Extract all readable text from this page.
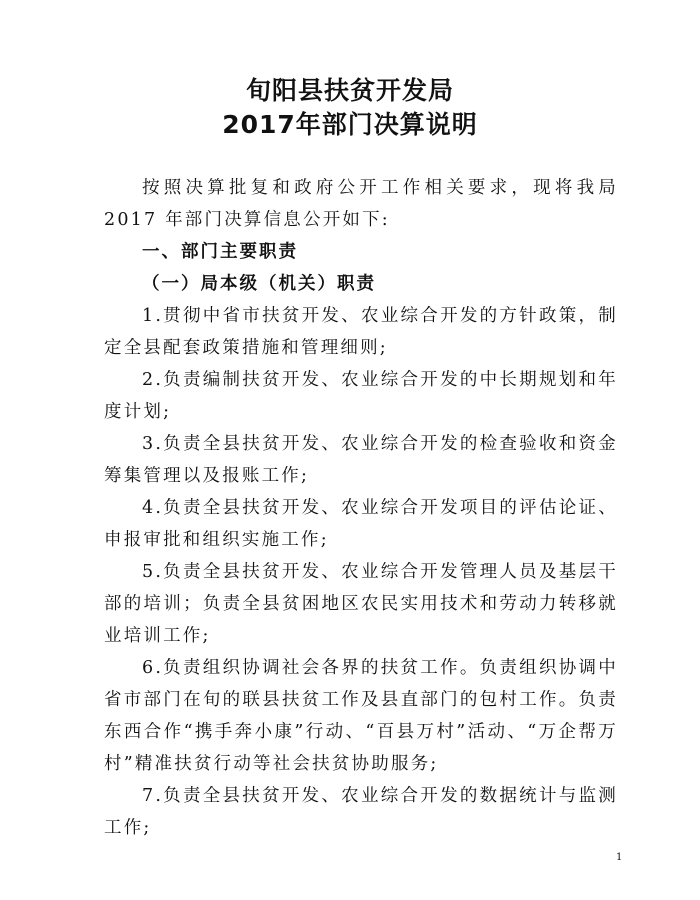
旬阳县扶贫开发局
2017年部门决算说明

按照决算批复和政府公开工作相关要求，现将我局2017 年部门决算信息公开如下:

一、部门主要职责

（一）局本级（机关）职责

1.贯彻中省市扶贫开发、农业综合开发的方针政策，制定全县配套政策措施和管理细则;

2.负责编制扶贫开发、农业综合开发的中长期规划和年度计划;

3.负责全县扶贫开发、农业综合开发的检查验收和资金筹集管理以及报账工作;

4.负责全县扶贫开发、农业综合开发项目的评估论证、申报审批和组织实施工作;

5.负责全县扶贫开发、农业综合开发管理人员及基层干部的培训；负责全县贫困地区农民实用技术和劳动力转移就业培训工作;

6.负责组织协调社会各界的扶贫工作。负责组织协调中省市部门在旬的联县扶贫工作及县直部门的包村工作。负责东西合作“携手奔小康”行动、“百县万村”活动、“万企帮万村”精准扶贫行动等社会扶贫协助服务;

7.负责全县扶贫开发、农业综合开发的数据统计与监测工作;

1
